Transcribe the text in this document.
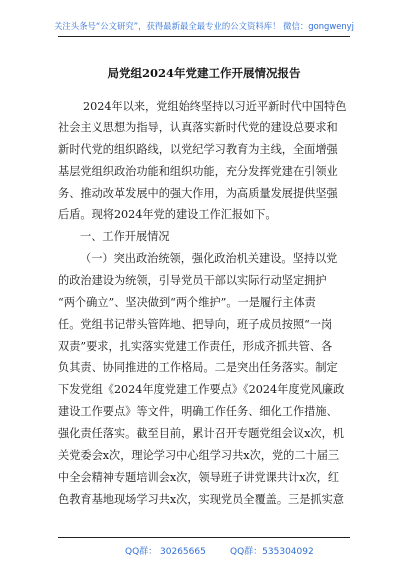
关注头条号“公文研究”，获得最新最全最专业的公文资料库！ 微信：gongwenyj
局党组2024年党建工作开展情况报告
2024年以来，党组始终坚持以习近平新时代中国特色
社会主义思想为指导，认真落实新时代党的建设总要求和
新时代党的组织路线，以党纪学习教育为主线，全面增强
基层党组织政治功能和组织功能，充分发挥党建在引领业
务、推动改革发展中的强大作用，为高质量发展提供坚强
后盾。现将2024年党的建设工作汇报如下。
一、工作开展情况
（一）突出政治统领，强化政治机关建设。坚持以党
的政治建设为统领，引导党员干部以实际行动坚定拥护
“两个确立”、坚决做到“两个维护”。一是履行主体责
任。党组书记带头管阵地、把导向，班子成员按照“一岗
双责”要求，扎实落实党建工作责任，形成齐抓共管、各
负其责、协同推进的工作格局。二是突出任务落实。制定
下发党组《2024年度党建工作要点》《2024年度党风廉政
建设工作要点》等文件，明确工作任务、细化工作措施、
强化责任落实。截至目前，累计召开专题党组会议x次，机
关党委会x次，理论学习中心组学习共x次，党的二十届三
中全会精神专题培训会x次，领导班子讲党课共计x次，红
色教育基地现场学习共x次，实现党员全覆盖。三是抓实意
QQ群： 30265665	QQ群：535304092
